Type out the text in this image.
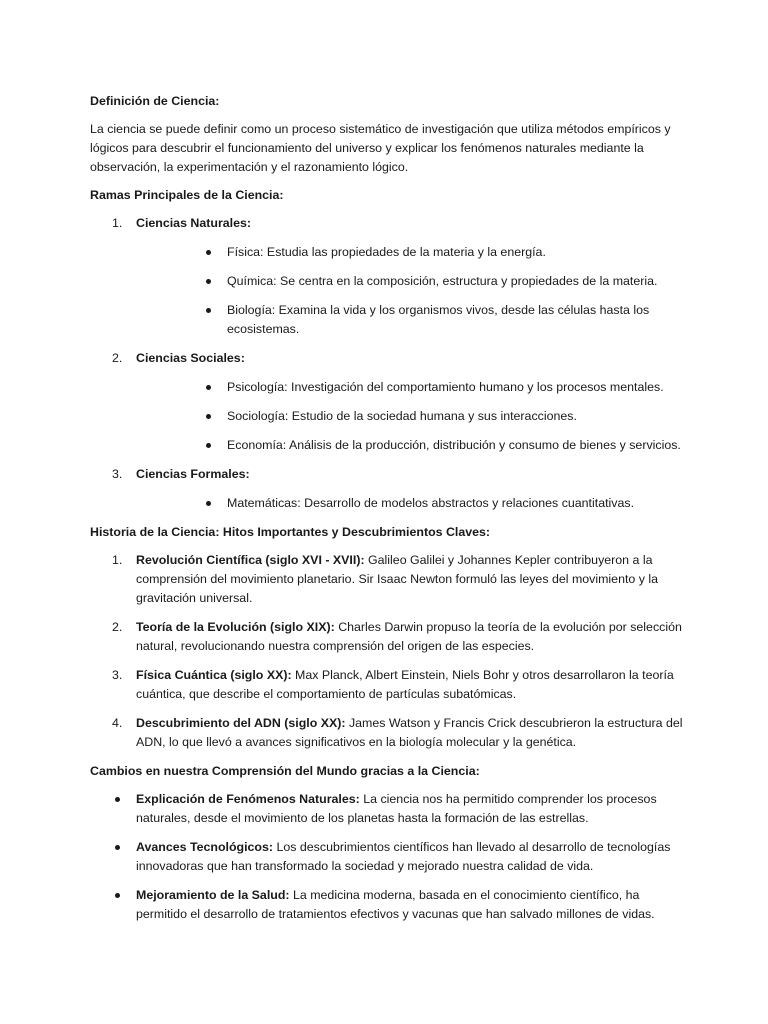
Definición de Ciencia:
La ciencia se puede definir como un proceso sistemático de investigación que utiliza métodos empíricos y lógicos para descubrir el funcionamiento del universo y explicar los fenómenos naturales mediante la observación, la experimentación y el razonamiento lógico.
Ramas Principales de la Ciencia:
1. Ciencias Naturales:
Física: Estudia las propiedades de la materia y la energía.
Química: Se centra en la composición, estructura y propiedades de la materia.
Biología: Examina la vida y los organismos vivos, desde las células hasta los ecosistemas.
2. Ciencias Sociales:
Psicología: Investigación del comportamiento humano y los procesos mentales.
Sociología: Estudio de la sociedad humana y sus interacciones.
Economía: Análisis de la producción, distribución y consumo de bienes y servicios.
3. Ciencias Formales:
Matemáticas: Desarrollo de modelos abstractos y relaciones cuantitativas.
Historia de la Ciencia: Hitos Importantes y Descubrimientos Claves:
1. Revolución Científica (siglo XVI - XVII): Galileo Galilei y Johannes Kepler contribuyeron a la comprensión del movimiento planetario. Sir Isaac Newton formuló las leyes del movimiento y la gravitación universal.
2. Teoría de la Evolución (siglo XIX): Charles Darwin propuso la teoría de la evolución por selección natural, revolucionando nuestra comprensión del origen de las especies.
3. Física Cuántica (siglo XX): Max Planck, Albert Einstein, Niels Bohr y otros desarrollaron la teoría cuántica, que describe el comportamiento de partículas subatómicas.
4. Descubrimiento del ADN (siglo XX): James Watson y Francis Crick descubrieron la estructura del ADN, lo que llevó a avances significativos en la biología molecular y la genética.
Cambios en nuestra Comprensión del Mundo gracias a la Ciencia:
Explicación de Fenómenos Naturales: La ciencia nos ha permitido comprender los procesos naturales, desde el movimiento de los planetas hasta la formación de las estrellas.
Avances Tecnológicos: Los descubrimientos científicos han llevado al desarrollo de tecnologías innovadoras que han transformado la sociedad y mejorado nuestra calidad de vida.
Mejoramiento de la Salud: La medicina moderna, basada en el conocimiento científico, ha permitido el desarrollo de tratamientos efectivos y vacunas que han salvado millones de vidas.
